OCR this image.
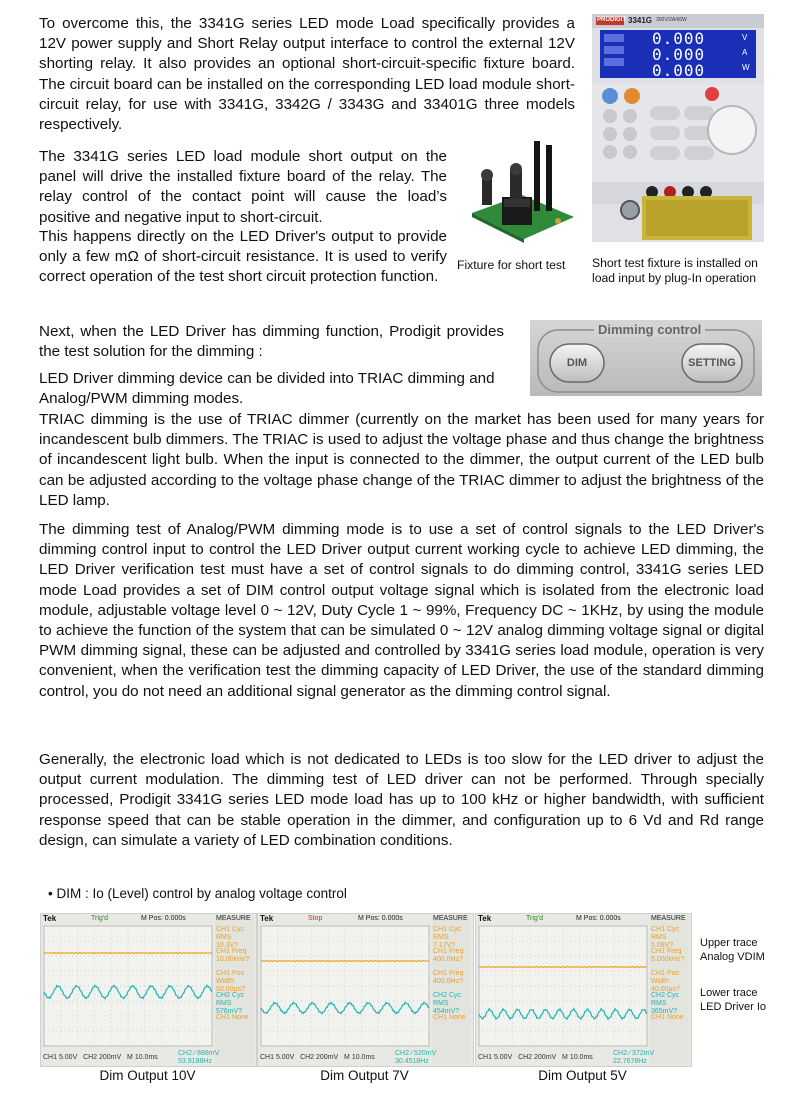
To overcome this, the 3341G series LED mode Load specifically provides a 12V power supply and Short Relay output interface to control the external 12V shorting relay. It also provides an optional short-circuit-specific fixture board. The circuit board can be installed on the corresponding LED load module short-circuit relay, for use with 3341G, 3342G / 3343G and 33401G three models respectively.

PRODIGIT 3341G 300V/2A/60W
0.000
0.000
0.000
V
A
W

The 3341G series LED load module short output on the panel will drive the installed fixture board of the relay. The relay control of the contact point will cause the load’s positive and negative input to short-circuit.

This happens directly on the LED Driver's output to provide only a few mΩ of short-circuit resistance. It is used to verify correct operation of the test short circuit protection function.

Fixture for short test	Short test fixture is installed on load input by plug-In operation

Next, when the LED Driver has dimming function, Prodigit provides the test solution for the dimming :

LED Driver dimming device can be divided into TRIAC dimming and Analog/PWM dimming modes.

Dimming control
DIM	SETTING

TRIAC dimming is the use of TRIAC dimmer (currently on the market has been used for many years for incandescent bulb dimmers. The TRIAC is used to adjust the voltage phase and thus change the brightness of incandescent light bulb. When the input is connected to the dimmer, the output current of the LED bulb can be adjusted according to the voltage phase change of the TRIAC dimmer to adjust the brightness of the LED lamp.

The dimming test of Analog/PWM dimming mode is to use a set of control signals to the LED Driver's dimming control input to control the LED Driver output current working cycle to achieve LED dimming, the LED Driver verification test must have a set of control signals to do dimming control, 3341G series LED mode Load provides a set of DIM control output voltage signal which is isolated from the electronic load module, adjustable voltage level 0 ~ 12V, Duty Cycle 1 ~ 99%, Frequency DC ~ 1KHz, by using the module to achieve the function of the system that can be simulated 0 ~ 12V analog dimming voltage signal or digital PWM dimming signal, these can be adjusted and controlled by 3341G series load module, operation is very convenient, when the verification test the dimming capacity of LED Driver, the use of the standard dimming control, you do not need an additional signal generator as the dimming control signal.

Generally, the electronic load which is not dedicated to LEDs is too slow for the LED driver to adjust the output current modulation. The dimming test of LED driver can not be performed. Through specially processed, Prodigit 3341G series LED mode load has up to 100 kHz or higher bandwidth, with sufficient response speed that can be stable operation in the dimmer, and configuration up to 6 Vd and Rd range design, can simulate a variety of LED combination conditions.

• DIM : Io (Level) control by analog voltage control
Tek	Trig'd	M Pos: 0.000s	MEASURE
CH1 Cyc RMS 10.3V?
CH1 Freq 10.00kHz?
CH1 Pos Width 50.00μs?
CH2 Cyc RMS 576mV?
CH1 None
CH1 5.00V   CH2 200mV   M 10.0ms
CH2 ∕ 888mV
53.9188Hz
Dim Output 10V
Tek	Stop	M Pos: 0.000s	MEASURE
CH1 Cyc RMS 7.17V?
CH1 Freq 400.0Hz?
CH1 Freq 400.0Hz?
CH2 Cyc RMS 454mV?
CH1 None
CH1 5.00V   CH2 200mV   M 10.0ms
CH2 ∕ 520mV
30.4518Hz
Dim Output 7V
Tek	Trig'd	M Pos: 0.000s	MEASURE
CH1 Cyc RMS 5.08V?
CH1 Freq 5.000kHz?
CH1 Pos Width 40.00μs?
CH2 Cyc RMS 365mV?
CH1 None
CH1 5.00V   CH2 200mV   M 10.0ms
CH2 ∕ 372mV
22.7678Hz
Dim Output 5V
Upper trace
Analog VDIM
Lower trace
LED Driver Io
